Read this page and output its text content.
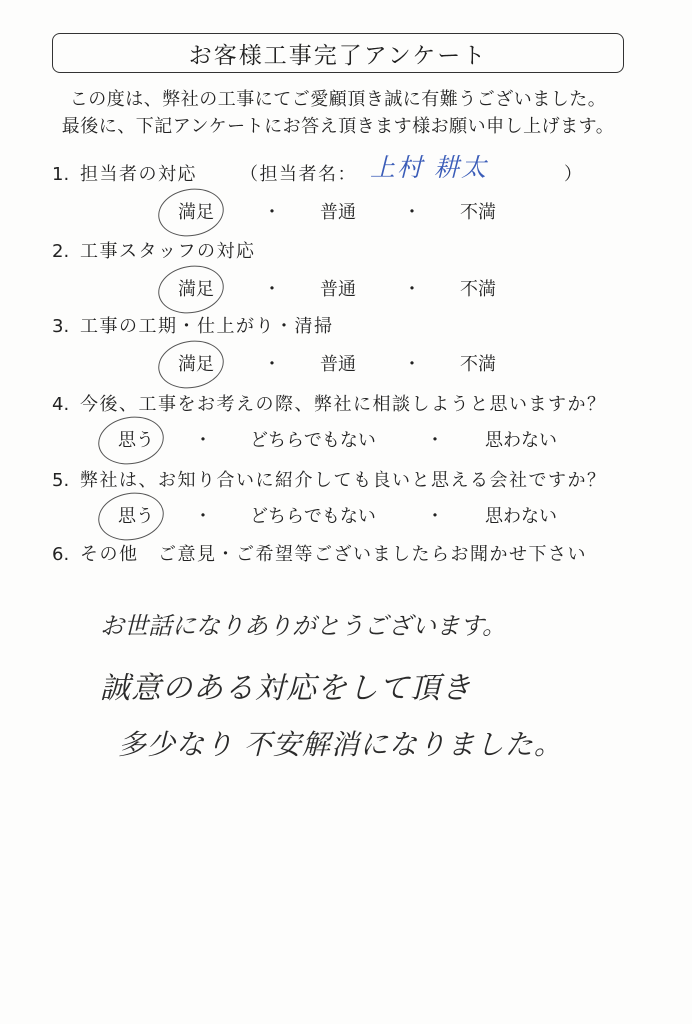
お客様工事完了アンケート
この度は、弊社の工事にてご愛顧頂き誠に有難うございました。
最後に、下記アンケートにお答え頂きます様お願い申し上げます。
1. 担当者の対応 （担当者名： 上村 耕太	）
満足	・ 普通	・ 不満
2. 工事スタッフの対応
満足	・ 普通	・ 不満
3. 工事の工期・仕上がり・清掃
満足	・ 普通	・ 不満
4. 今後、工事をお考えの際、弊社に相談しようと思いますか？
思う ・ どちらでもない	・ 思わない
5. 弊社は、お知り合いに紹介しても良いと思える会社ですか？
思う ・ どちらでもない	・ 思わない
6. その他　ご意見・ご希望等ございましたらお聞かせ下さい
お世話になりありがとうございます。
誠意のある対応をして頂き
多少なり 不安解消になりました。
